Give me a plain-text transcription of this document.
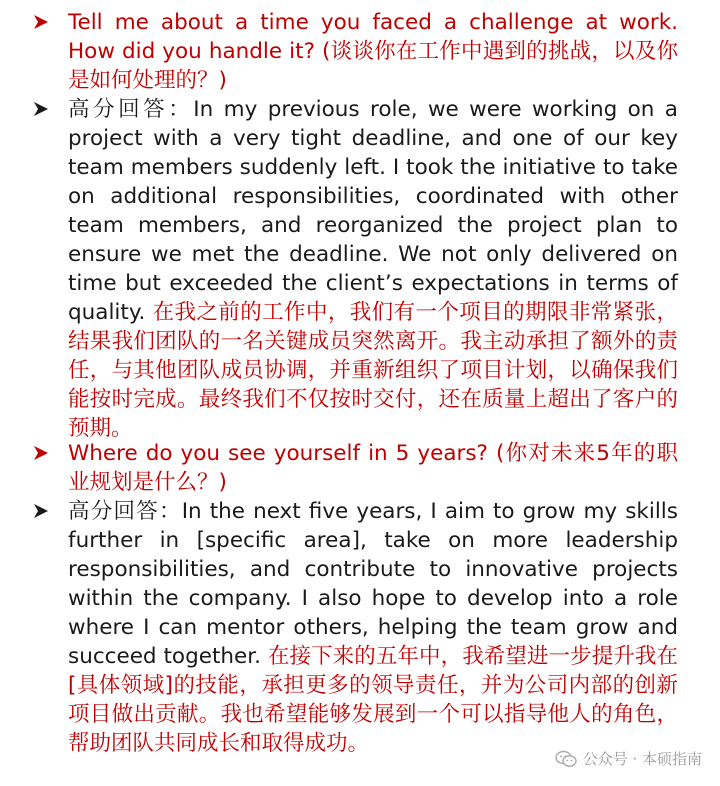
Tell me about a time you faced a challenge at work. How did you handle it? (谈谈你在工作中遇到的挑战，以及你是如何处理的？)
高分回答：In my previous role, we were working on a project with a very tight deadline, and one of our key team members suddenly left. I took the initiative to take on additional responsibilities, coordinated with other team members, and reorganized the project plan to ensure we met the deadline. We not only delivered on time but exceeded the client’s expectations in terms of quality. 在我之前的工作中，我们有一个项目的期限非常紧张，结果我们团队的一名关键成员突然离开。我主动承担了额外的责任，与其他团队成员协调，并重新组织了项目计划，以确保我们能按时完成。最终我们不仅按时交付，还在质量上超出了客户的预期。
Where do you see yourself in 5 years? (你对未来5年的职业规划是什么？)
高分回答：In the next five years, I aim to grow my skills further in [specific area], take on more leadership responsibilities, and contribute to innovative projects within the company. I also hope to develop into a role where I can mentor others, helping the team grow and succeed together. 在接下来的五年中，我希望进一步提升我在[具体领域]的技能，承担更多的领导责任，并为公司内部的创新项目做出贡献。我也希望能够发展到一个可以指导他人的角色，帮助团队共同成长和取得成功。
公众号 · 本硕指南
